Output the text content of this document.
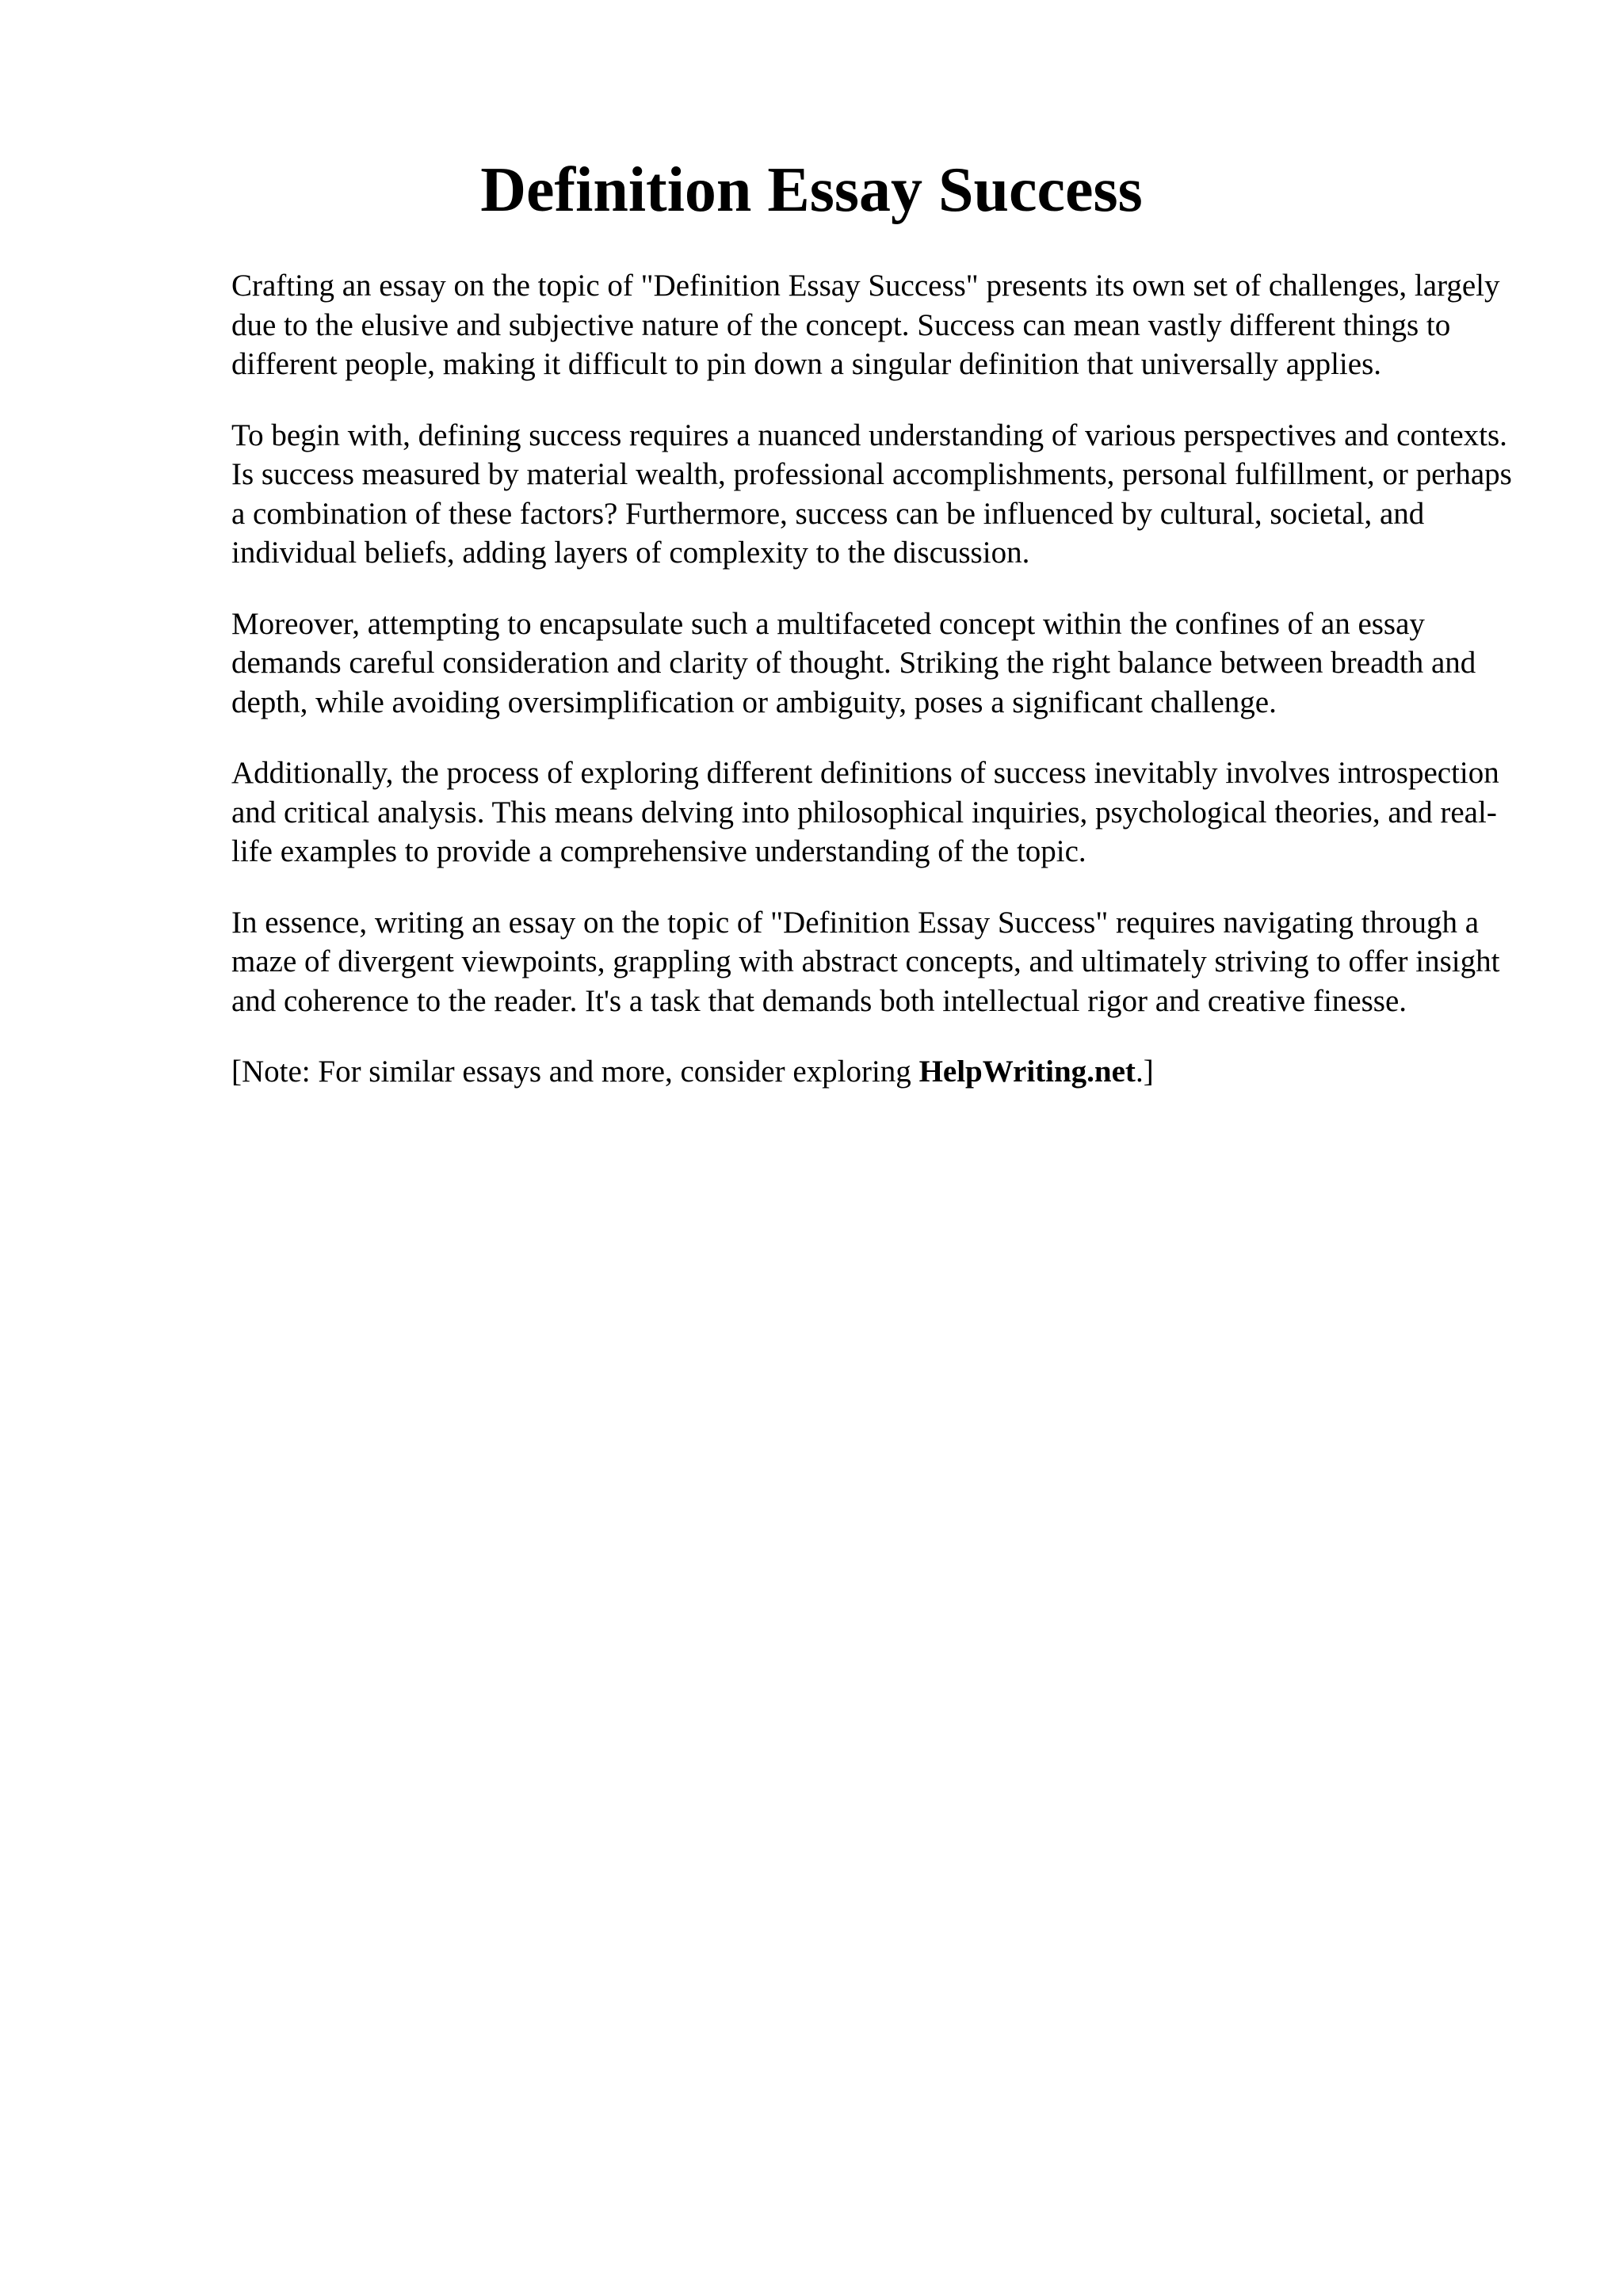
Definition Essay Success

Crafting an essay on the topic of "Definition Essay Success" presents its own set of challenges, largely due to the elusive and subjective nature of the concept. Success can mean vastly different things to different people, making it difficult to pin down a singular definition that universally applies.

To begin with, defining success requires a nuanced understanding of various perspectives and contexts. Is success measured by material wealth, professional accomplishments, personal fulfillment, or perhaps a combination of these factors? Furthermore, success can be influenced by cultural, societal, and individual beliefs, adding layers of complexity to the discussion.

Moreover, attempting to encapsulate such a multifaceted concept within the confines of an essay demands careful consideration and clarity of thought. Striking the right balance between breadth and depth, while avoiding oversimplification or ambiguity, poses a significant challenge.

Additionally, the process of exploring different definitions of success inevitably involves introspection and critical analysis. This means delving into philosophical inquiries, psychological theories, and real-life examples to provide a comprehensive understanding of the topic.

In essence, writing an essay on the topic of "Definition Essay Success" requires navigating through a maze of divergent viewpoints, grappling with abstract concepts, and ultimately striving to offer insight and coherence to the reader. It's a task that demands both intellectual rigor and creative finesse.

[Note: For similar essays and more, consider exploring HelpWriting.net.]
